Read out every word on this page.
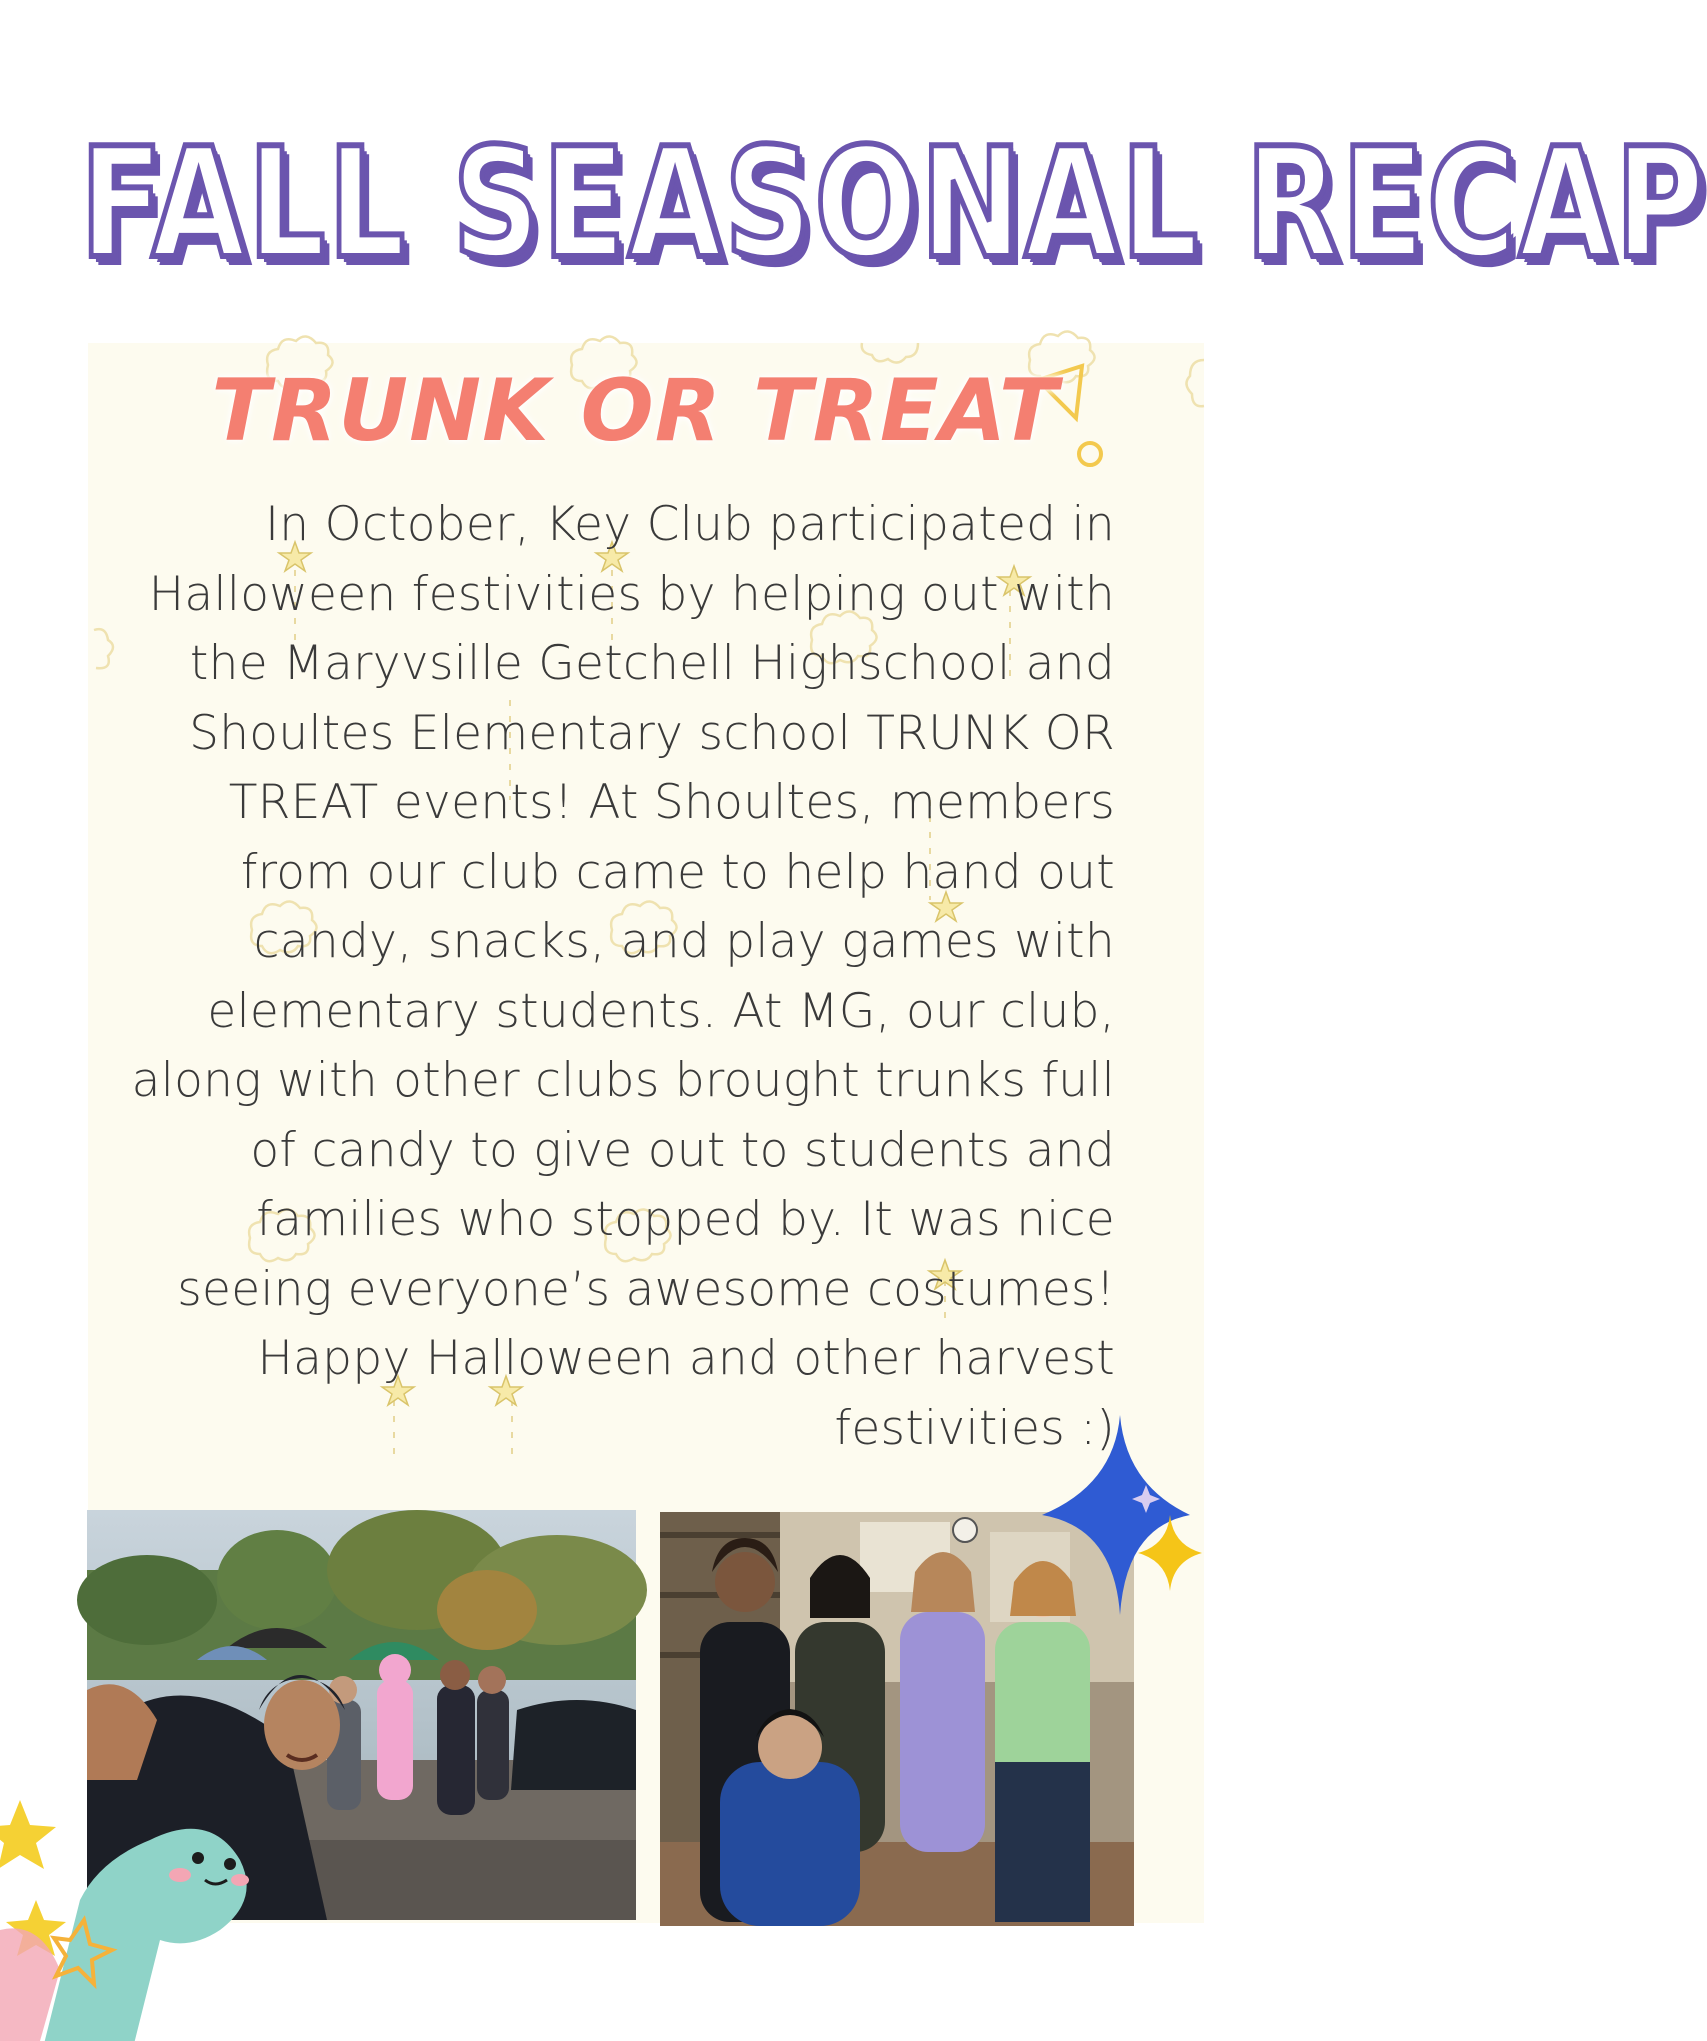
FALL SEASONAL RECAP
TRUNK OR TREAT

In October, Key Club participated in Halloween festivities by helping out with the Maryvsille Getchell Highschool and Shoultes Elementary school TRUNK OR TREAT events! At Shoultes, members from our club came to help hand out candy, snacks, and play games with elementary students. At MG, our club, along with other clubs brought trunks full of candy to give out to students and families who stopped by. It was nice seeing everyone’s awesome costumes! Happy Halloween and other harvest festivities :)
